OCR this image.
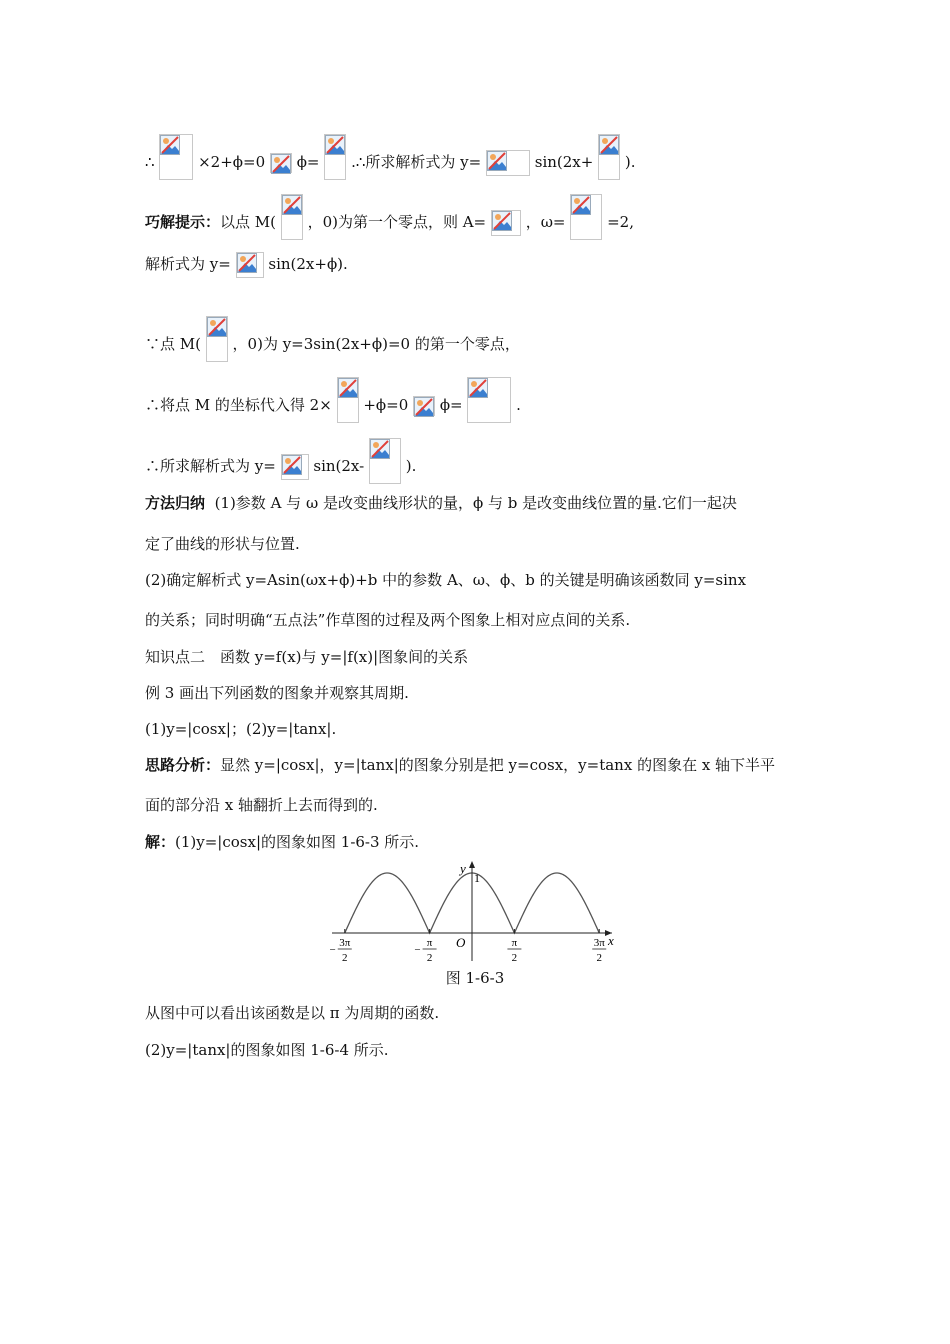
∴	×2+ϕ=0 ϕ= .∴所求解析式为 y=	sin(2x+ ).
巧解提示：以点 M( ，0)为第一个零点，则 A=	，ω=	=2,
解析式为 y=	sin(2x+ϕ).
∵点 M( ，0)为 y=3sin(2x+ϕ)=0 的第一个零点，
∴将点 M 的坐标代入得 2× +ϕ=0 ϕ=	.
∴所求解析式为 y=	sin(2x-	).
方法归纳 (1)参数 A 与 ω 是改变曲线形状的量，ϕ 与 b 是改变曲线位置的量.它们一起决
定了曲线的形状与位置.
(2)确定解析式 y=Asin(ωx+ϕ)+b 中的参数 A、ω、ϕ、b 的关键是明确该函数同 y=sinx
的关系；同时明确“五点法”作草图的过程及两个图象上相对应点间的关系.
知识点二　函数 y=f(x)与 y=|f(x)|图象间的关系
例 3 画出下列函数的图象并观察其周期.
(1)y=|cosx|；(2)y=|tanx|.
思路分析：显然 y=|cosx|，y=|tanx|的图象分别是把 y=cosx，y=tanx 的图象在 x 轴下半平
面的部分沿 x 轴翻折上去而得到的.
解：(1)y=|cosx|的图象如图 1-6-3 所示.
y
1
O	x
3π
2
−
π
2
−
π
2
3π
2
图 1-6-3
从图中可以看出该函数是以 π 为周期的函数.
(2)y=|tanx|的图象如图 1-6-4 所示.
